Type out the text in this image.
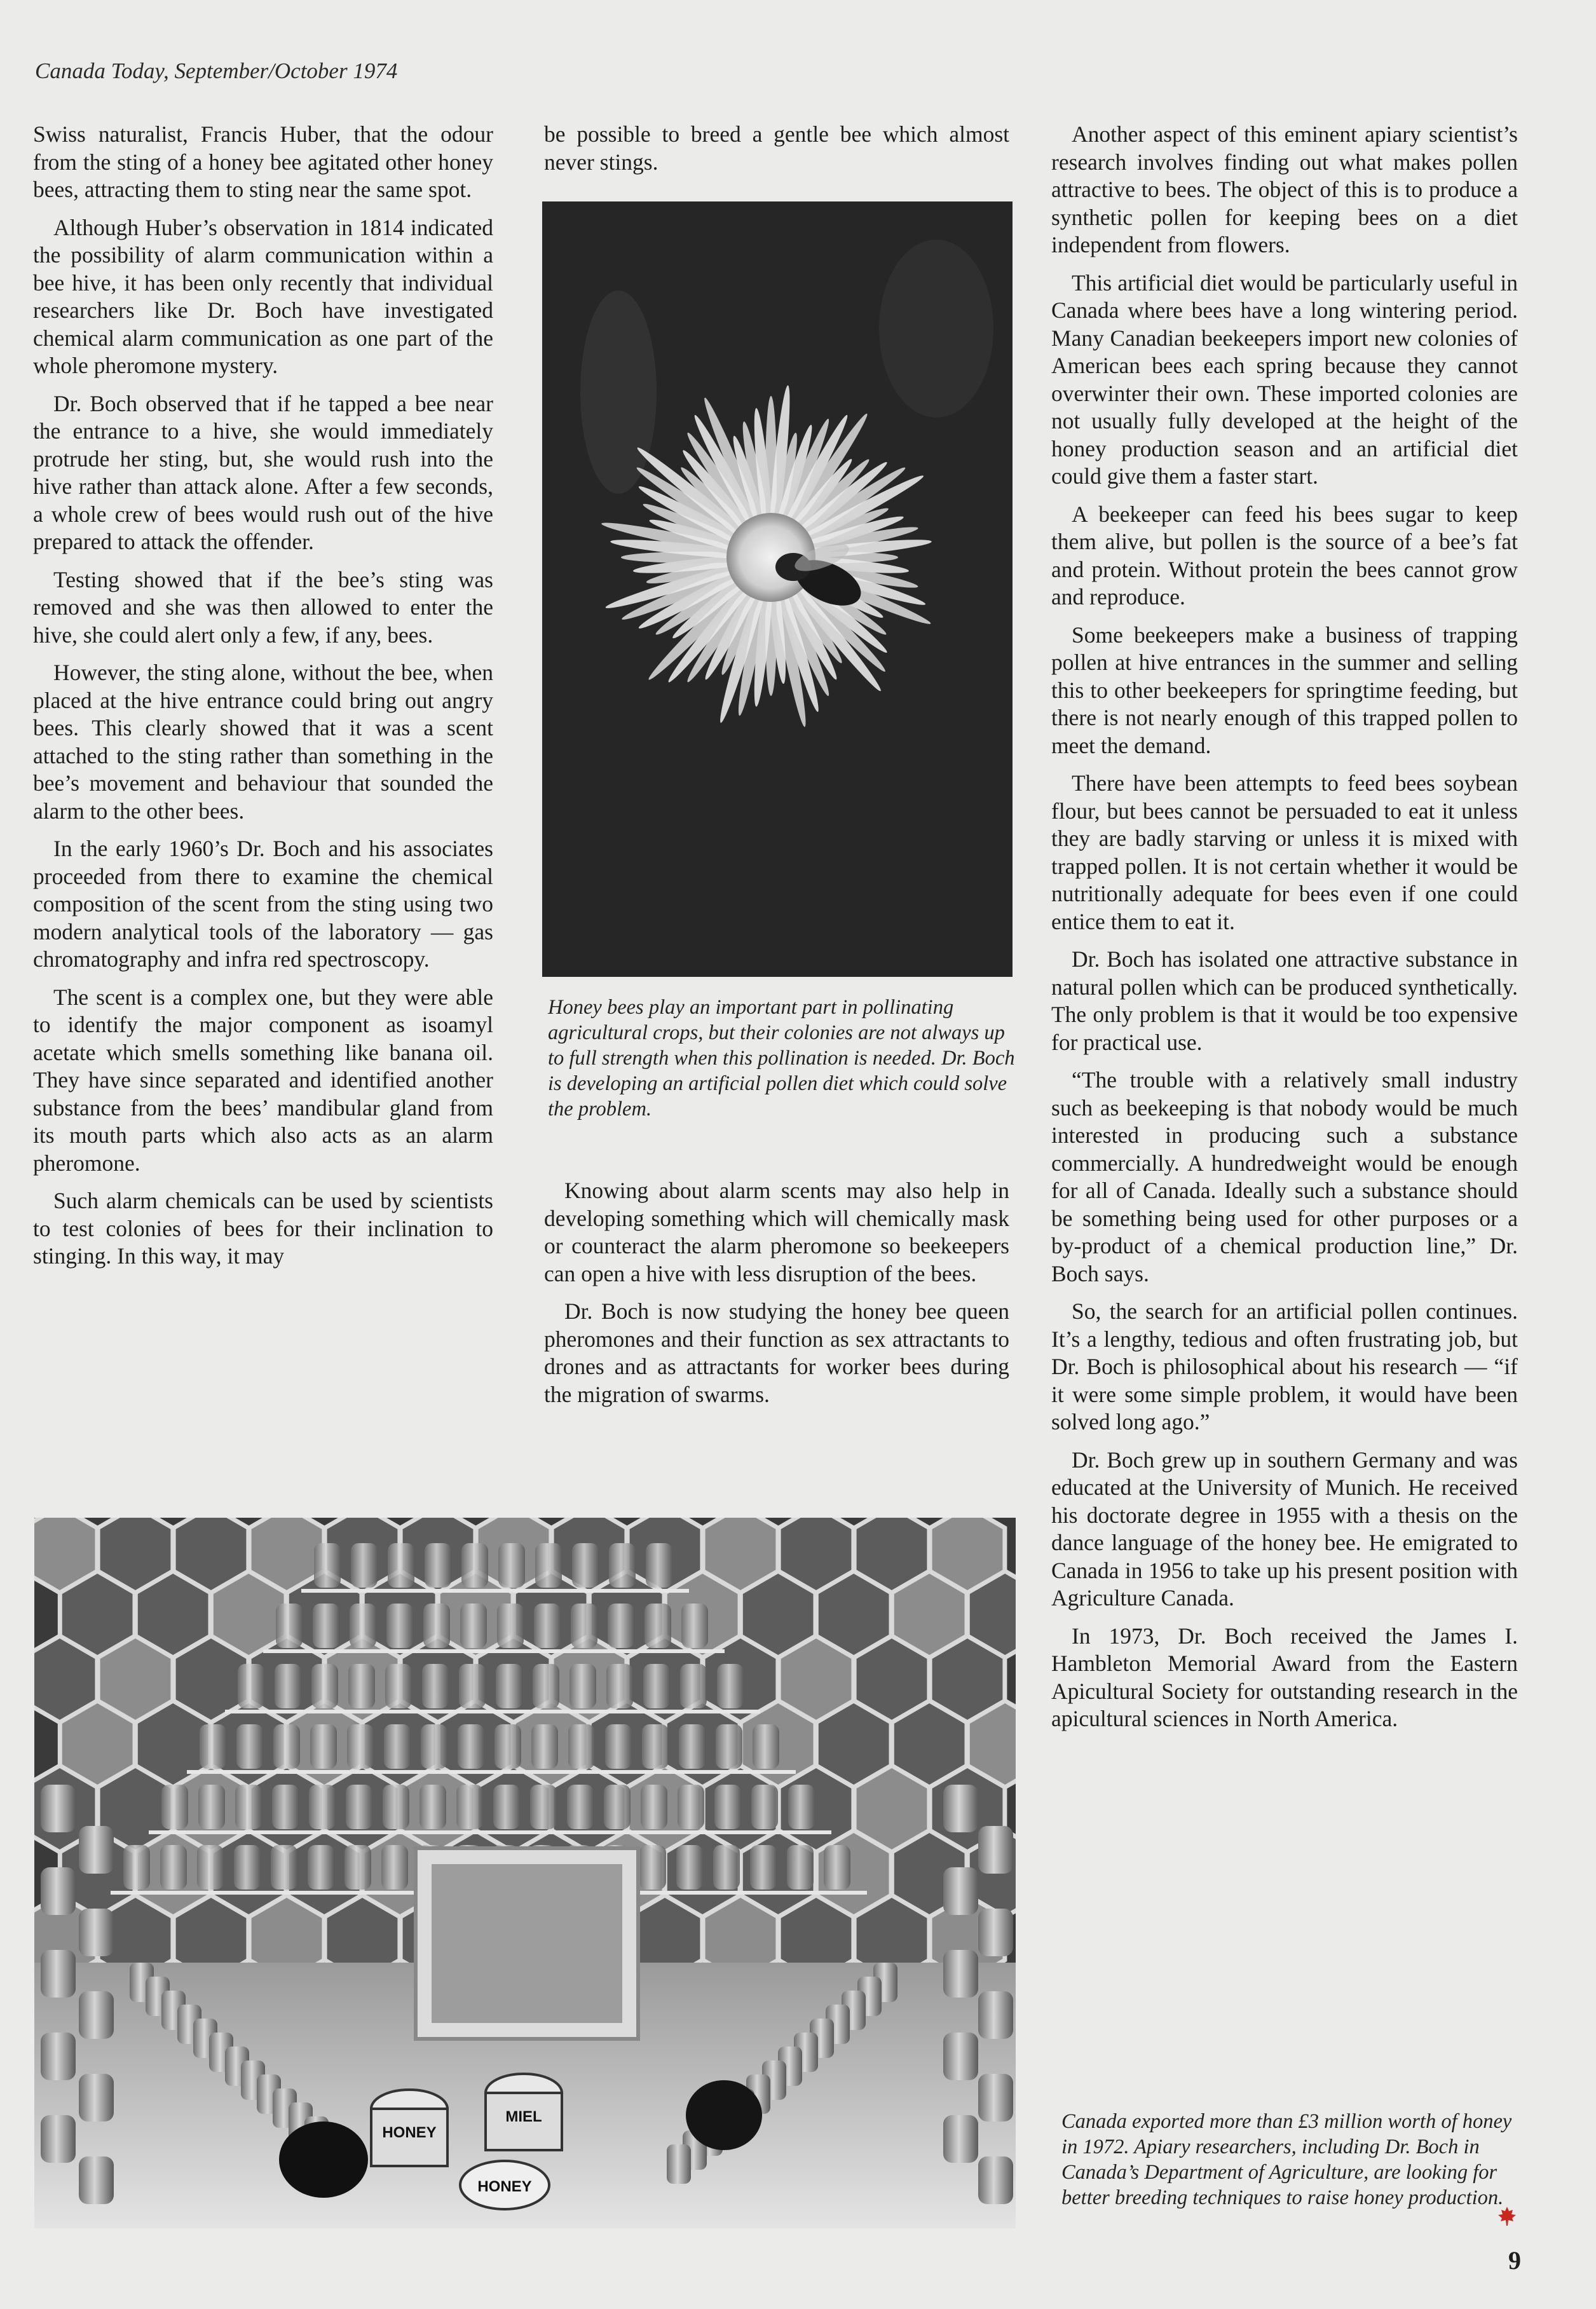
Canada Today, September/October 1974

Swiss naturalist, Francis Huber, that the odour from the sting of a honey bee agitated other honey bees, attracting them to sting near the same spot.

Although Huber’s observation in 1814 indicated the possibility of alarm communication within a bee hive, it has been only recently that individual researchers like Dr. Boch have investigated chemical alarm communication as one part of the whole pheromone mystery.

Dr. Boch observed that if he tapped a bee near the entrance to a hive, she would immediately protrude her sting, but, she would rush into the hive rather than attack alone. After a few seconds, a whole crew of bees would rush out of the hive prepared to attack the offender.

Testing showed that if the bee’s sting was removed and she was then allowed to enter the hive, she could alert only a few, if any, bees.

However, the sting alone, without the bee, when placed at the hive entrance could bring out angry bees. This clearly showed that it was a scent attached to the sting rather than something in the bee’s movement and behaviour that sounded the alarm to the other bees.

In the early 1960’s Dr. Boch and his associates proceeded from there to examine the chemical composition of the scent from the sting using two modern analytical tools of the laboratory — gas chromatography and infra red spectroscopy.

The scent is a complex one, but they were able to identify the major component as isoamyl acetate which smells something like banana oil. They have since separated and identified another substance from the bees’ mandibular gland from its mouth parts which also acts as an alarm pheromone.

Such alarm chemicals can be used by scientists to test colonies of bees for their inclination to stinging. In this way, it may

be possible to breed a gentle bee which almost never stings.

Honey bees play an important part in pollinating agricultural crops, but their colonies are not always up to full strength when this pollination is needed. Dr. Boch is developing an artificial pollen diet which could solve the problem.

Knowing about alarm scents may also help in developing something which will chemically mask or counteract the alarm pheromone so beekeepers can open a hive with less disruption of the bees.

Dr. Boch is now studying the honey bee queen pheromones and their function as sex attractants to drones and as attractants for worker bees during the migration of swarms.

Another aspect of this eminent apiary scientist’s research involves finding out what makes pollen attractive to bees. The object of this is to produce a synthetic pollen for keeping bees on a diet independent from flowers.

This artificial diet would be particularly useful in Canada where bees have a long wintering period. Many Canadian beekeepers import new colonies of American bees each spring because they cannot overwinter their own. These imported colonies are not usually fully developed at the height of the honey production season and an artificial diet could give them a faster start.

A beekeeper can feed his bees sugar to keep them alive, but pollen is the source of a bee’s fat and protein. Without protein the bees cannot grow and reproduce.

Some beekeepers make a business of trapping pollen at hive entrances in the summer and selling this to other beekeepers for springtime feeding, but there is not nearly enough of this trapped pollen to meet the demand.

There have been attempts to feed bees soybean flour, but bees cannot be persuaded to eat it unless they are badly starving or unless it is mixed with trapped pollen. It is not certain whether it would be nutritionally adequate for bees even if one could entice them to eat it.

Dr. Boch has isolated one attractive substance in natural pollen which can be produced synthetically. The only problem is that it would be too expensive for practical use.

“The trouble with a relatively small industry such as beekeeping is that nobody would be much interested in producing such a substance commercially. A hundredweight would be enough for all of Canada. Ideally such a substance should be something being used for other purposes or a by-product of a chemical production line,” Dr. Boch says.

So, the search for an artificial pollen continues. It’s a lengthy, tedious and often frustrating job, but Dr. Boch is philosophical about his research — “if it were some simple problem, it would have been solved long ago.”

Dr. Boch grew up in southern Germany and was educated at the University of Munich. He received his doctorate degree in 1955 with a thesis on the dance language of the honey bee. He emigrated to Canada in 1956 to take up his present position with Agriculture Canada.

In 1973, Dr. Boch received the James I. Hambleton Memorial Award from the Eastern Apicultural Society for outstanding research in the apicultural sciences in North America.

HONEY
MIEL
HONEY
Canada exported more than £3 million worth of honey in 1972. Apiary researchers, including Dr. Boch in Canada’s Department of Agriculture, are looking for better breeding techniques to raise honey production.
9
